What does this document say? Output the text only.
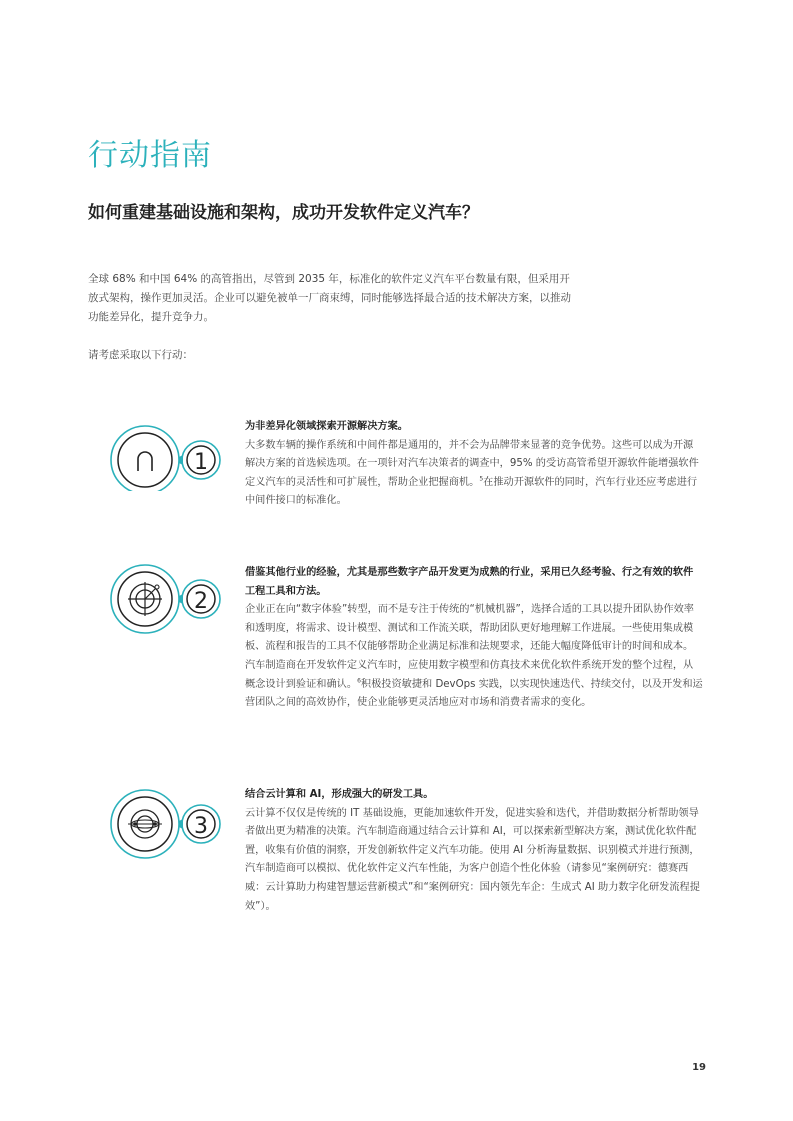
行动指南
如何重建基础设施和架构，成功开发软件定义汽车？

全球 68% 和中国 64% 的高管指出，尽管到 2035 年，标准化的软件定义汽车平台数量有限，但采用开放式架构，操作更加灵活。企业可以避免被单一厂商束缚，同时能够选择最合适的技术解决方案，以推动功能差异化，提升竞争力。

请考虑采取以下行动：

1

为非差异化领域探索开源解决方案。

大多数车辆的操作系统和中间件都是通用的，并不会为品牌带来显著的竞争优势。这些可以成为开源解决方案的首选候选项。在一项针对汽车决策者的调查中，95% 的受访高管希望开源软件能增强软件定义汽车的灵活性和可扩展性，帮助企业把握商机。$^5$在推动开源软件的同时，汽车行业还应考虑进行中间件接口的标准化。

2

借鉴其他行业的经验，尤其是那些数字产品开发更为成熟的行业，采用已久经考验、行之有效的软件工程工具和方法。

企业正在向“数字体验”转型，而不是专注于传统的“机械机器”，选择合适的工具以提升团队协作效率和透明度，将需求、设计模型、测试和工作流关联，帮助团队更好地理解工作进展。一些使用集成模板、流程和报告的工具不仅能够帮助企业满足标准和法规要求，还能大幅度降低审计的时间和成本。汽车制造商在开发软件定义汽车时，应使用数字模型和仿真技术来优化软件系统开发的整个过程，从概念设计到验证和确认。$^6$积极投资敏捷和 DevOps 实践，以实现快速迭代、持续交付，以及开发和运营团队之间的高效协作，使企业能够更灵活地应对市场和消费者需求的变化。

3

结合云计算和 AI，形成强大的研发工具。

云计算不仅仅是传统的 IT 基础设施，更能加速软件开发，促进实验和迭代，并借助数据分析帮助领导者做出更为精准的决策。汽车制造商通过结合云计算和 AI，可以探索新型解决方案，测试优化软件配置，收集有价值的洞察，开发创新软件定义汽车功能。使用 AI 分析海量数据、识别模式并进行预测，汽车制造商可以模拟、优化软件定义汽车性能，为客户创造个性化体验（请参见“案例研究：德赛西威：云计算助力构建智慧运营新模式”和“案例研究：国内领先车企：生成式 AI 助力数字化研发流程提效”）。

19
